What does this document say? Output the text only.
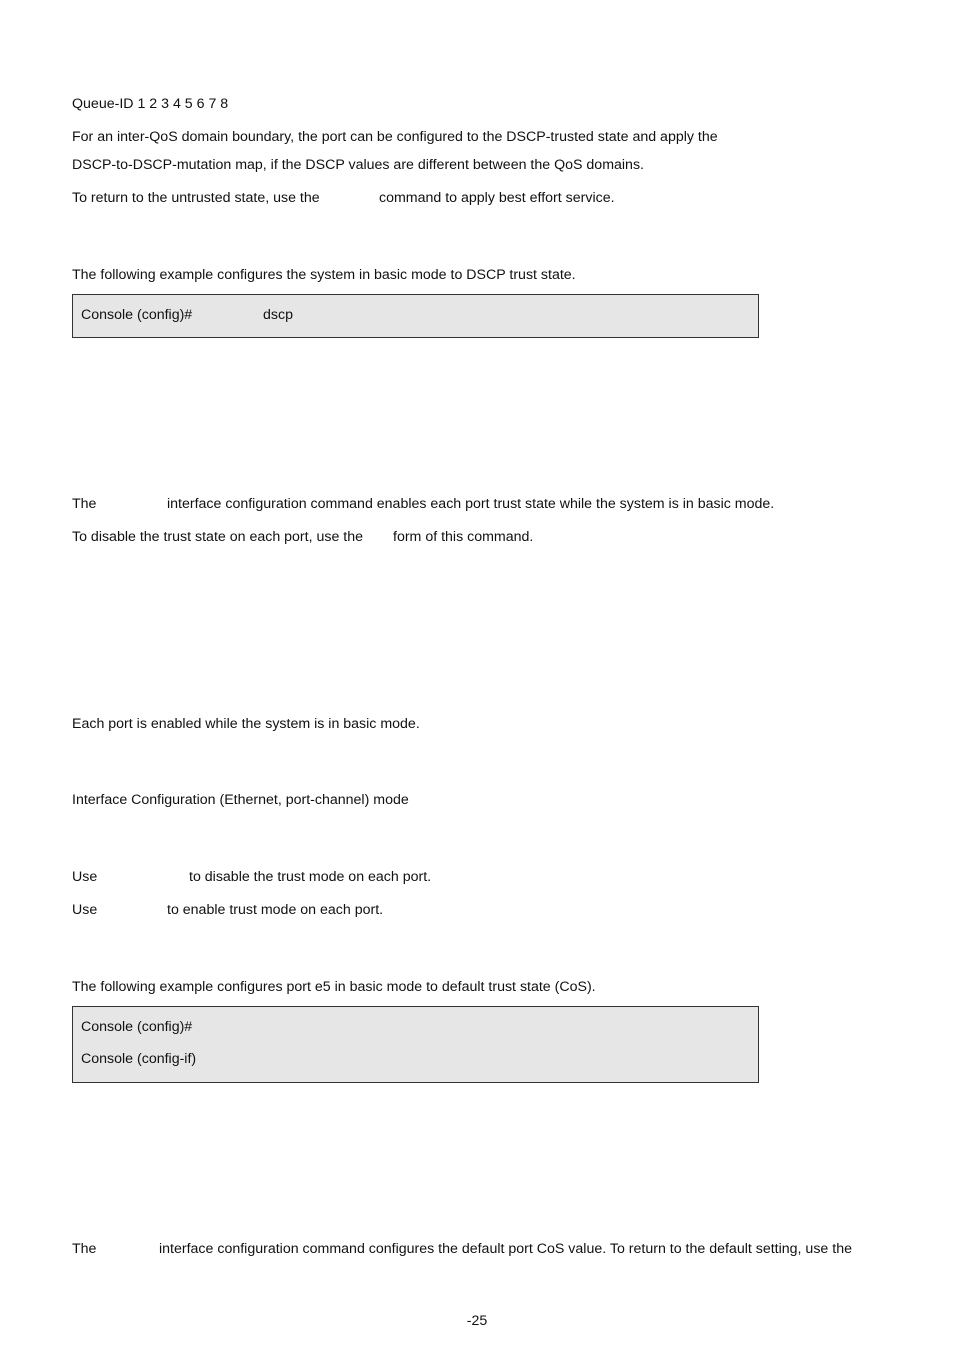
Queue-ID 1 2 3 4 5 6 7 8
For an inter-QoS domain boundary, the port can be configured to the DSCP-trusted state and apply the
DSCP-to-DSCP-mutation map, if the DSCP values are different between the QoS domains.
To return to the untrusted state, use the	command to apply best effort service.
The following example configures the system in basic mode to DSCP trust state.
Console (config)#	dscp
The	interface configuration command enables each port trust state while the system is in basic mode.
To disable the trust state on each port, use the form of this command.
Each port is enabled while the system is in basic mode.
Interface Configuration (Ethernet, port-channel) mode
Use	to disable the trust mode on each port.
Use	to enable trust mode on each port.
The following example configures port e5 in basic mode to default trust state (CoS).
Console (config)#
Console (config-if)
The	interface configuration command configures the default port CoS value. To return to the default setting, use the
-25
